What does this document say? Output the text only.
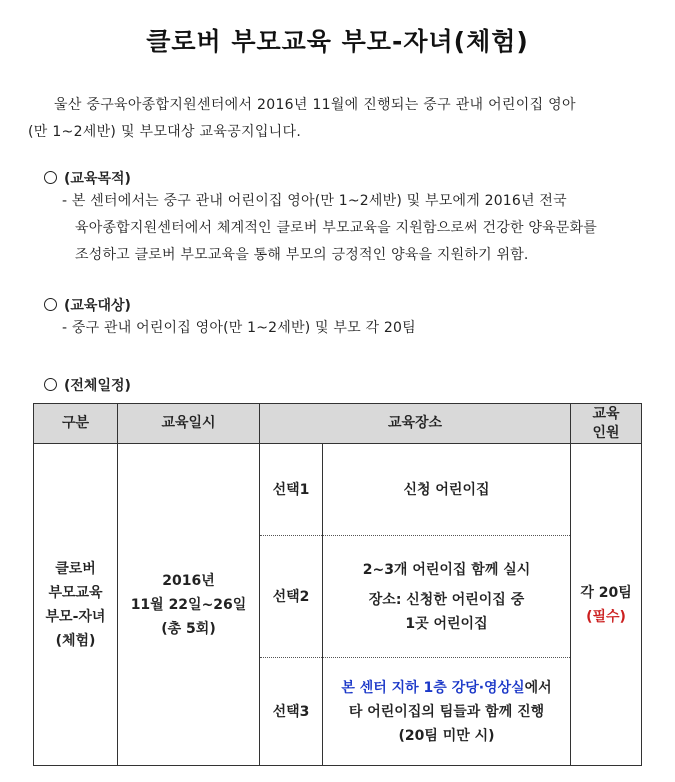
클로버 부모교육 부모-자녀(체험)
울산 중구육아종합지원센터에서 2016년 11월에 진행되는 중구 관내 어린이집 영아
(만 1~2세반) 및 부모대상 교육공지입니다.
(교육목적)
- 본 센터에서는 중구 관내 어린이집 영아(만 1~2세반) 및 부모에게 2016년 전국
육아종합지원센터에서 체계적인 클로버 부모교육을 지원함으로써 건강한 양육문화를
조성하고 클로버 부모교육을 통해 부모의 긍정적인 양육을 지원하기 위함.
(교육대상)
- 중구 관내 어린이집 영아(만 1~2세반) 및 부모 각 20팀
(전체일정)
구분	교육일시	교육장소		교육
인원

클로버
부모교육
부모-자녀
(체험)	2016년
11월 22일~26일
(총 5회)	선택1	신청 어린이집	각 20팀
(필수)

		선택2	2~3개 어린이집 함께 실시
장소: 신청한 어린이집 중
1곳 어린이집	

		선택3	본 센터 지하 1층 강당·영상실에서
타 어린이집의 팀들과 함께 진행
(20팀 미만 시)	
